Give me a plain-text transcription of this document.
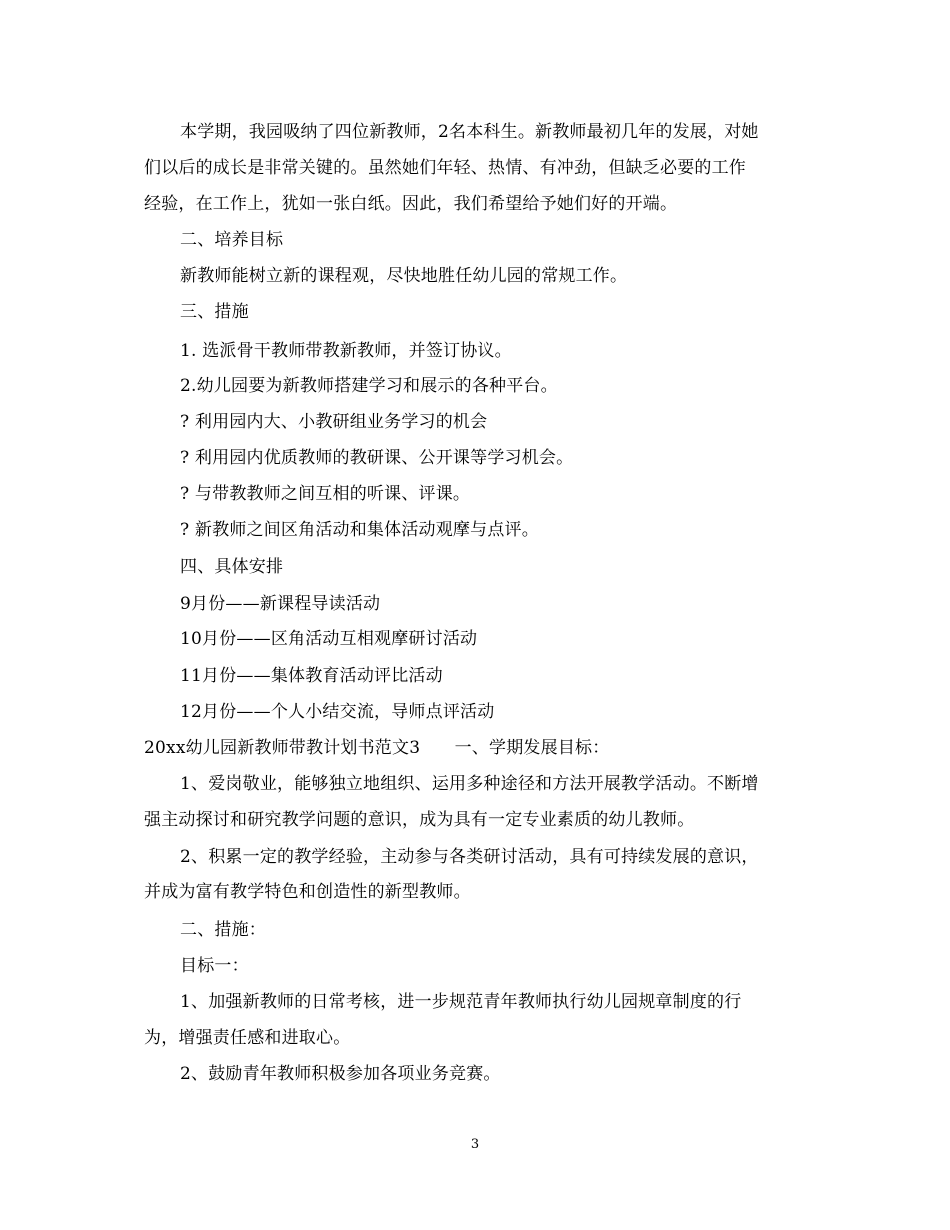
本学期，我园吸纳了四位新教师，2名本科生。新教师最初几年的发展，对她
们以后的成长是非常关键的。虽然她们年轻、热情、有冲劲，但缺乏必要的工作
经验，在工作上，犹如一张白纸。因此，我们希望给予她们好的开端。
二、培养目标
新教师能树立新的课程观，尽快地胜任幼儿园的常规工作。
三、措施
1. 选派骨干教师带教新教师，并签订协议。
2.幼儿园要为新教师搭建学习和展示的各种平台。
? 利用园内大、小教研组业务学习的机会
? 利用园内优质教师的教研课、公开课等学习机会。
? 与带教教师之间互相的听课、评课。
? 新教师之间区角活动和集体活动观摩与点评。
四、具体安排
9月份——新课程导读活动
10月份——区角活动互相观摩研讨活动
11月份——集体教育活动评比活动
12月份——个人小结交流，导师点评活动
20xx幼儿园新教师带教计划书范文3　　一、学期发展目标：
1、爱岗敬业，能够独立地组织、运用多种途径和方法开展教学活动。不断增
强主动探讨和研究教学问题的意识，成为具有一定专业素质的幼儿教师。
2、积累一定的教学经验，主动参与各类研讨活动，具有可持续发展的意识，
并成为富有教学特色和创造性的新型教师。
二、措施：
目标一：
1、加强新教师的日常考核，进一步规范青年教师执行幼儿园规章制度的行
为，增强责任感和进取心。
2、鼓励青年教师积极参加各项业务竞赛。
3
